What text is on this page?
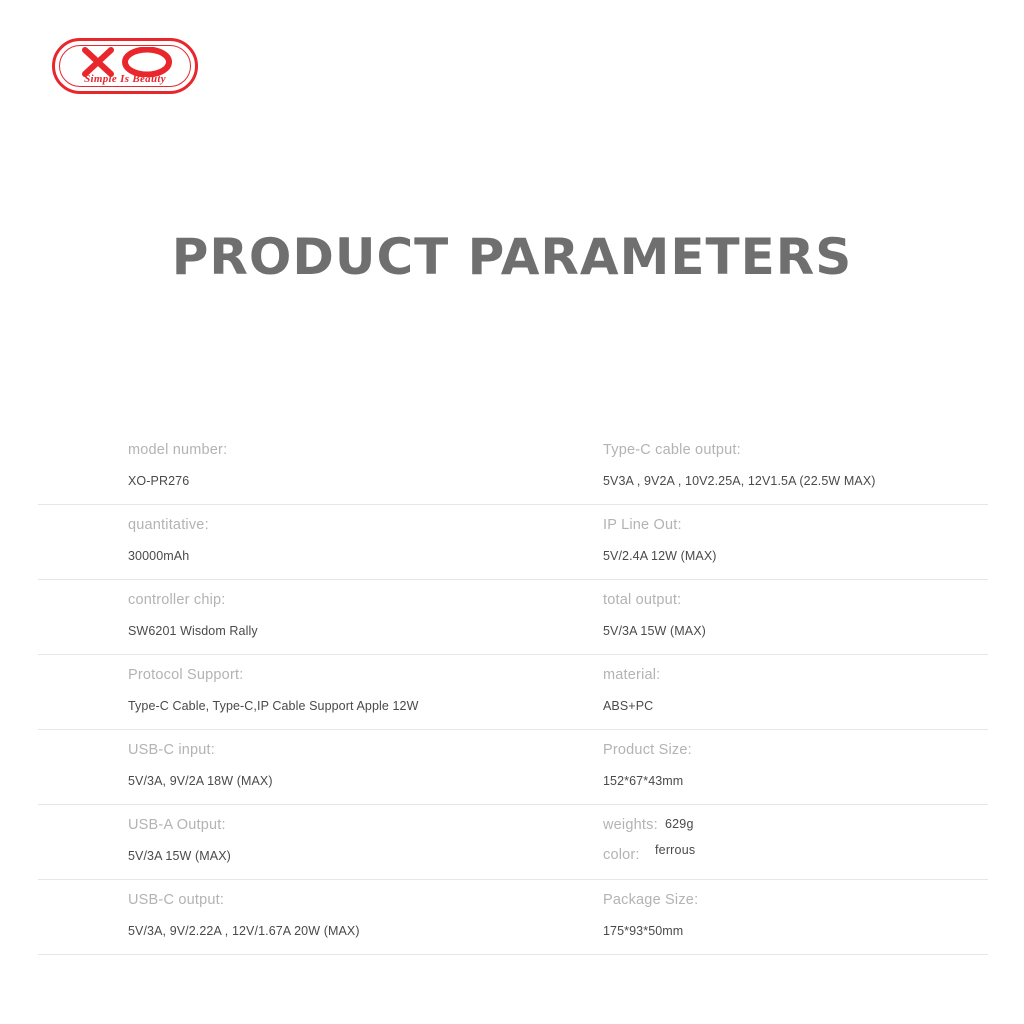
Simple Is Beauty
PRODUCT PARAMETERS
model number:
XO-PR276
Type-C cable output:
5V3A , 9V2A , 10V2.25A, 12V1.5A (22.5W MAX)
quantitative:
30000mAh
IP Line Out:
5V/2.4A 12W (MAX)
controller chip:
SW6201 Wisdom Rally
total output:
5V/3A 15W (MAX)
Protocol Support:
Type-C Cable, Type-C,IP Cable Support Apple 12W
material:
ABS+PC
USB-C input:
5V/3A, 9V/2A 18W (MAX)
Product Size:
152*67*43mm
USB-A Output:
5V/3A 15W (MAX)
weights: 629g
color:	ferrous
USB-C output:
5V/3A, 9V/2.22A , 12V/1.67A 20W (MAX)
Package Size:
175*93*50mm
